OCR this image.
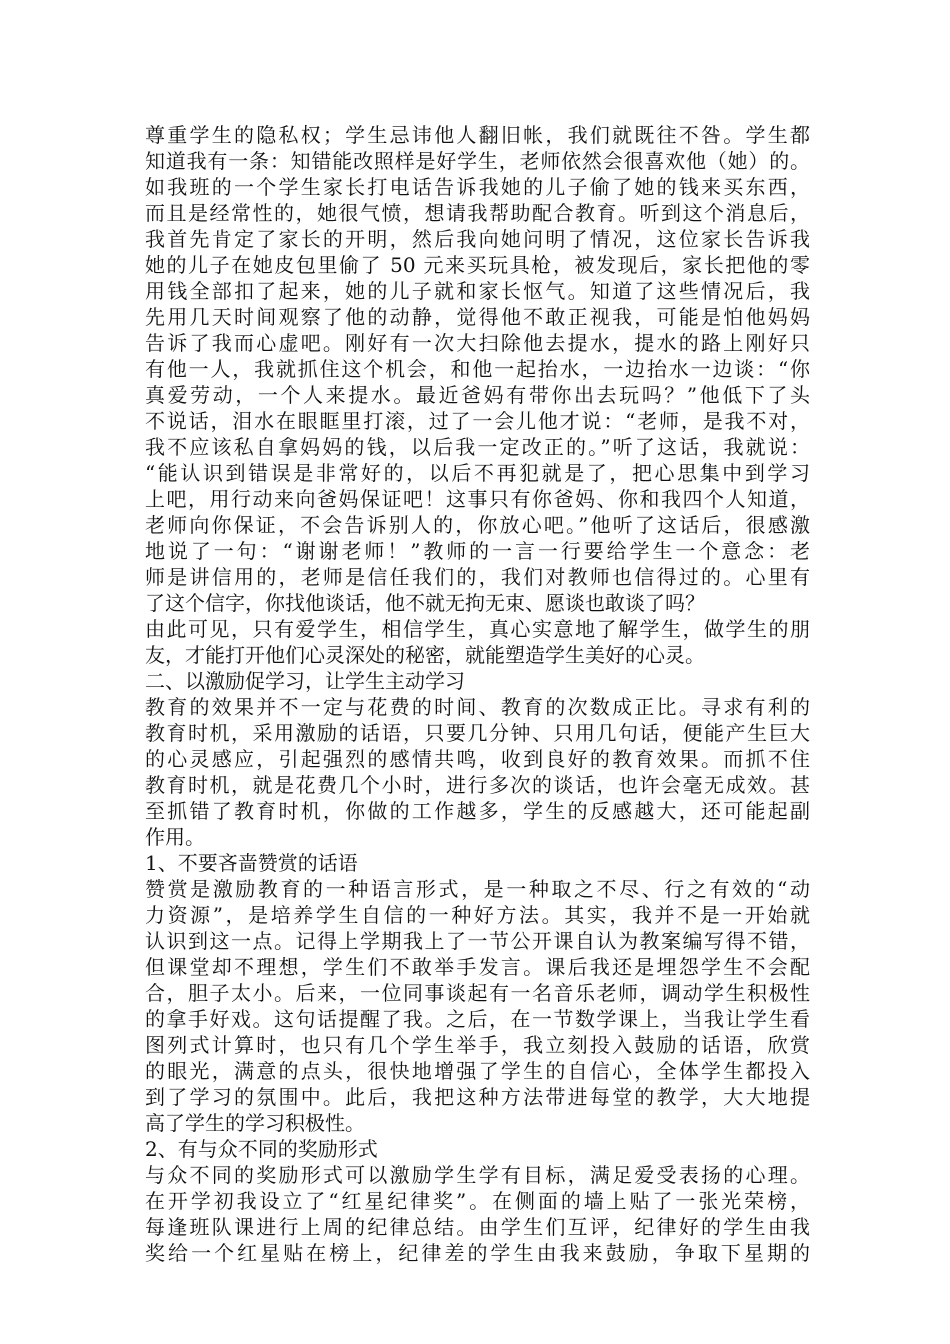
尊重学生的隐私权；学生忌讳他人翻旧帐，我们就既往不咎。学生都
知道我有一条：知错能改照样是好学生，老师依然会很喜欢他（她）的。
如我班的一个学生家长打电话告诉我她的儿子偷了她的钱来买东西，
而且是经常性的，她很气愤，想请我帮助配合教育。听到这个消息后，
我首先肯定了家长的开明，然后我向她问明了情况，这位家长告诉我
她的儿子在她皮包里偷了 50 元来买玩具枪，被发现后，家长把他的零
用钱全部扣了起来，她的儿子就和家长怄气。知道了这些情况后，我
先用几天时间观察了他的动静，觉得他不敢正视我，可能是怕他妈妈
告诉了我而心虚吧。刚好有一次大扫除他去提水，提水的路上刚好只
有他一人，我就抓住这个机会，和他一起抬水，一边抬水一边谈：“你
真爱劳动，一个人来提水。最近爸妈有带你出去玩吗？”他低下了头
不说话，泪水在眼眶里打滚，过了一会儿他才说：“老师，是我不对，
我不应该私自拿妈妈的钱，以后我一定改正的。”听了这话，我就说：
“能认识到错误是非常好的，以后不再犯就是了，把心思集中到学习
上吧，用行动来向爸妈保证吧！这事只有你爸妈、你和我四个人知道，
老师向你保证，不会告诉别人的，你放心吧。”他听了这话后，很感激
地说了一句：“谢谢老师！”教师的一言一行要给学生一个意念：老
师是讲信用的，老师是信任我们的，我们对教师也信得过的。心里有
了这个信字，你找他谈话，他不就无拘无束、愿谈也敢谈了吗？
由此可见，只有爱学生，相信学生，真心实意地了解学生，做学生的朋
友，才能打开他们心灵深处的秘密，就能塑造学生美好的心灵。
二、以激励促学习，让学生主动学习
教育的效果并不一定与花费的时间、教育的次数成正比。寻求有利的
教育时机，采用激励的话语，只要几分钟、只用几句话，便能产生巨大
的心灵感应，引起强烈的感情共鸣，收到良好的教育效果。而抓不住
教育时机，就是花费几个小时，进行多次的谈话，也许会毫无成效。甚
至抓错了教育时机，你做的工作越多，学生的反感越大，还可能起副
作用。
1、不要吝啬赞赏的话语
赞赏是激励教育的一种语言形式，是一种取之不尽、行之有效的“动
力资源”，是培养学生自信的一种好方法。其实，我并不是一开始就
认识到这一点。记得上学期我上了一节公开课自认为教案编写得不错，
但课堂却不理想，学生们不敢举手发言。课后我还是埋怨学生不会配
合，胆子太小。后来，一位同事谈起有一名音乐老师，调动学生积极性
的拿手好戏。这句话提醒了我。之后，在一节数学课上，当我让学生看
图列式计算时，也只有几个学生举手，我立刻投入鼓励的话语，欣赏
的眼光，满意的点头，很快地增强了学生的自信心，全体学生都投入
到了学习的氛围中。此后，我把这种方法带进每堂的教学，大大地提
高了学生的学习积极性。
2、有与众不同的奖励形式
与众不同的奖励形式可以激励学生学有目标，满足爱受表扬的心理。
在开学初我设立了“红星纪律奖”。在侧面的墙上贴了一张光荣榜，
每逢班队课进行上周的纪律总结。由学生们互评，纪律好的学生由我
奖给一个红星贴在榜上，纪律差的学生由我来鼓励，争取下星期的
